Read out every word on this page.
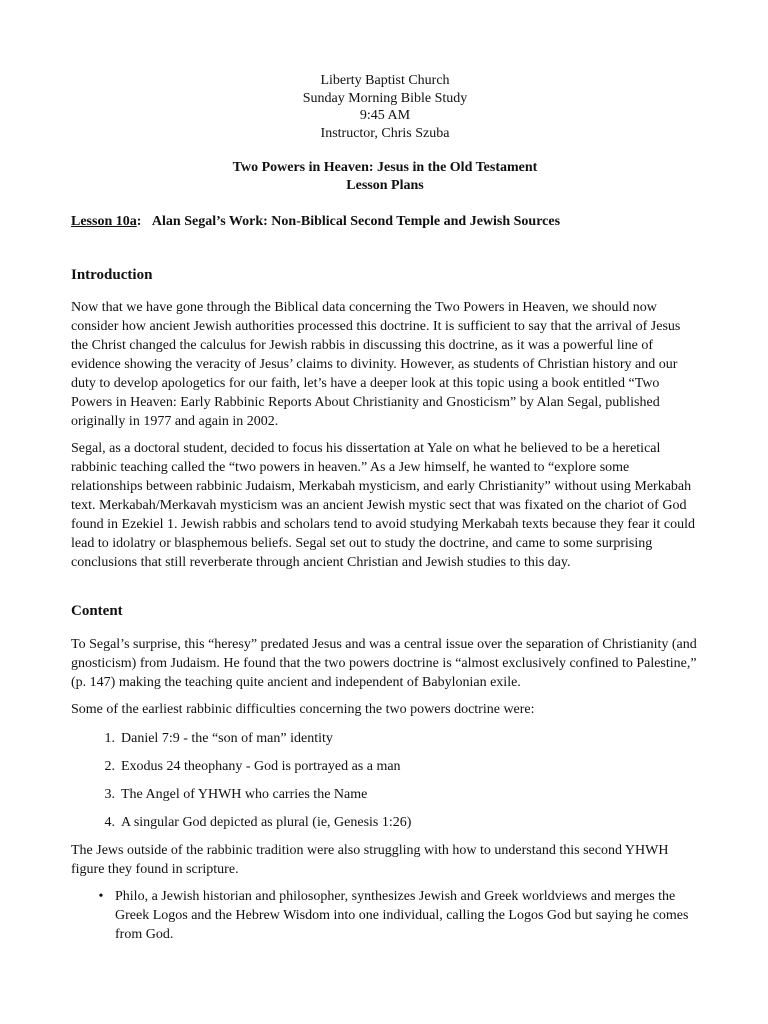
Liberty Baptist Church
Sunday Morning Bible Study
9:45 AM
Instructor, Chris Szuba
Two Powers in Heaven: Jesus in the Old Testament
Lesson Plans
Lesson 10a: Alan Segal’s Work: Non-Biblical Second Temple and Jewish Sources
Introduction

Now that we have gone through the Biblical data concerning the Two Powers in Heaven, we should now consider how ancient Jewish authorities processed this doctrine. It is sufficient to say that the arrival of Jesus the Christ changed the calculus for Jewish rabbis in discussing this doctrine, as it was a powerful line of evidence showing the veracity of Jesus’ claims to divinity. However, as students of Christian history and our duty to develop apologetics for our faith, let’s have a deeper look at this topic using a book entitled “Two Powers in Heaven: Early Rabbinic Reports About Christianity and Gnosticism” by Alan Segal, published originally in 1977 and again in 2002.

Segal, as a doctoral student, decided to focus his dissertation at Yale on what he believed to be a heretical rabbinic teaching called the “two powers in heaven.” As a Jew himself, he wanted to “explore some relationships between rabbinic Judaism, Merkabah mysticism, and early Christianity” without using Merkabah text. Merkabah/Merkavah mysticism was an ancient Jewish mystic sect that was fixated on the chariot of God found in Ezekiel 1. Jewish rabbis and scholars tend to avoid studying Merkabah texts because they fear it could lead to idolatry or blasphemous beliefs. Segal set out to study the doctrine, and came to some surprising conclusions that still reverberate through ancient Christian and Jewish studies to this day.

Content

To Segal’s surprise, this “heresy” predated Jesus and was a central issue over the separation of Christianity (and gnosticism) from Judaism. He found that the two powers doctrine is “almost exclusively confined to Palestine,” (p. 147) making the teaching quite ancient and independent of Babylonian exile.

Some of the earliest rabbinic difficulties concerning the two powers doctrine were:

1. Daniel 7:9 - the “son of man” identity
2. Exodus 24 theophany - God is portrayed as a man
3. The Angel of YHWH who carries the Name
4. A singular God depicted as plural (ie, Genesis 1:26)

The Jews outside of the rabbinic tradition were also struggling with how to understand this second YHWH figure they found in scripture.

• Philo, a Jewish historian and philosopher, synthesizes Jewish and Greek worldviews and merges the Greek Logos and the Hebrew Wisdom into one individual, calling the Logos God but saying he comes from God.
